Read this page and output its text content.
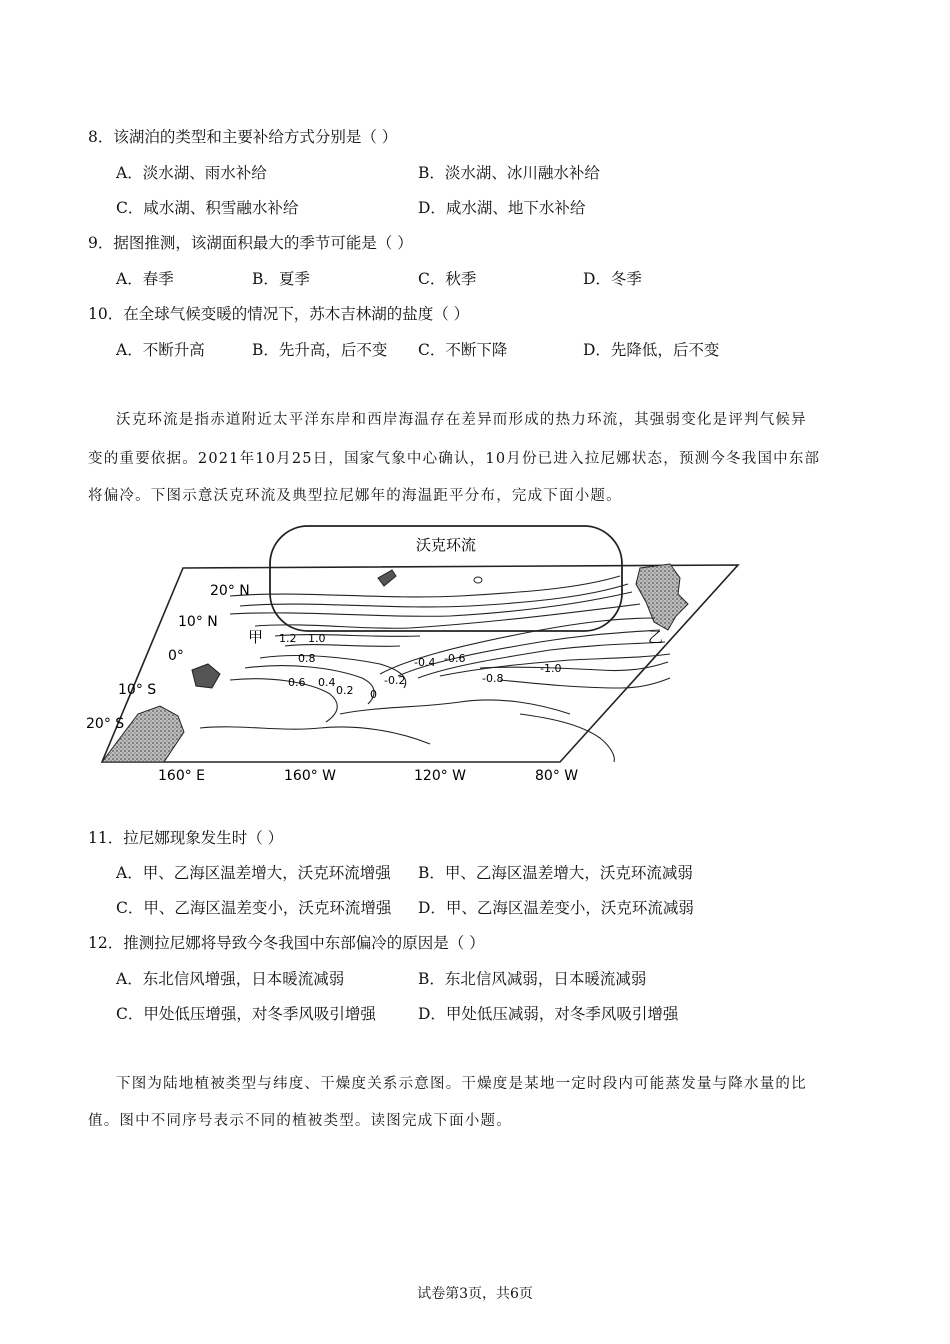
8．该湖泊的类型和主要补给方式分别是（ ）
A．淡水湖、雨水补给	B．淡水湖、冰川融水补给
C．咸水湖、积雪融水补给	D．咸水湖、地下水补给
9．据图推测，该湖面积最大的季节可能是（ ）
A．春季	B．夏季	C．秋季	D．冬季
10．在全球气候变暖的情况下，苏木吉林湖的盐度（ ）
A．不断升高	B．先升高，后不变 C．不断下降	D．先降低，后不变
沃克环流是指赤道附近太平洋东岸和西岸海温存在差异而形成的热力环流，其强弱变化是评判气候异
变的重要依据。2021年10月25日，国家气象中心确认，10月份已进入拉尼娜状态，预测今冬我国中东部
将偏冷。下图示意沃克环流及典型拉尼娜年的海温距平分布，完成下面小题。
沃克环流
1.2 1.0
0.8
0.6 0.4
0.2 0
-0.2
-0.4 -0.6
-0.8
-1.0
甲	乙
20° N
10° N
0°
10° S
20° S
160° E	160° W	120° W	80° W
11．拉尼娜现象发生时（ ）
A．甲、乙海区温差增大，沃克环流增强 B．甲、乙海区温差增大，沃克环流减弱
C．甲、乙海区温差变小，沃克环流增强 D．甲、乙海区温差变小，沃克环流减弱
12．推测拉尼娜将导致今冬我国中东部偏冷的原因是（ ）
A．东北信风增强，日本暖流减弱	B．东北信风减弱，日本暖流减弱
C．甲处低压增强，对冬季风吸引增强	D．甲处低压减弱，对冬季风吸引增强
下图为陆地植被类型与纬度、干燥度关系示意图。干燥度是某地一定时段内可能蒸发量与降水量的比
值。图中不同序号表示不同的植被类型。读图完成下面小题。
试卷第3页，共6页
